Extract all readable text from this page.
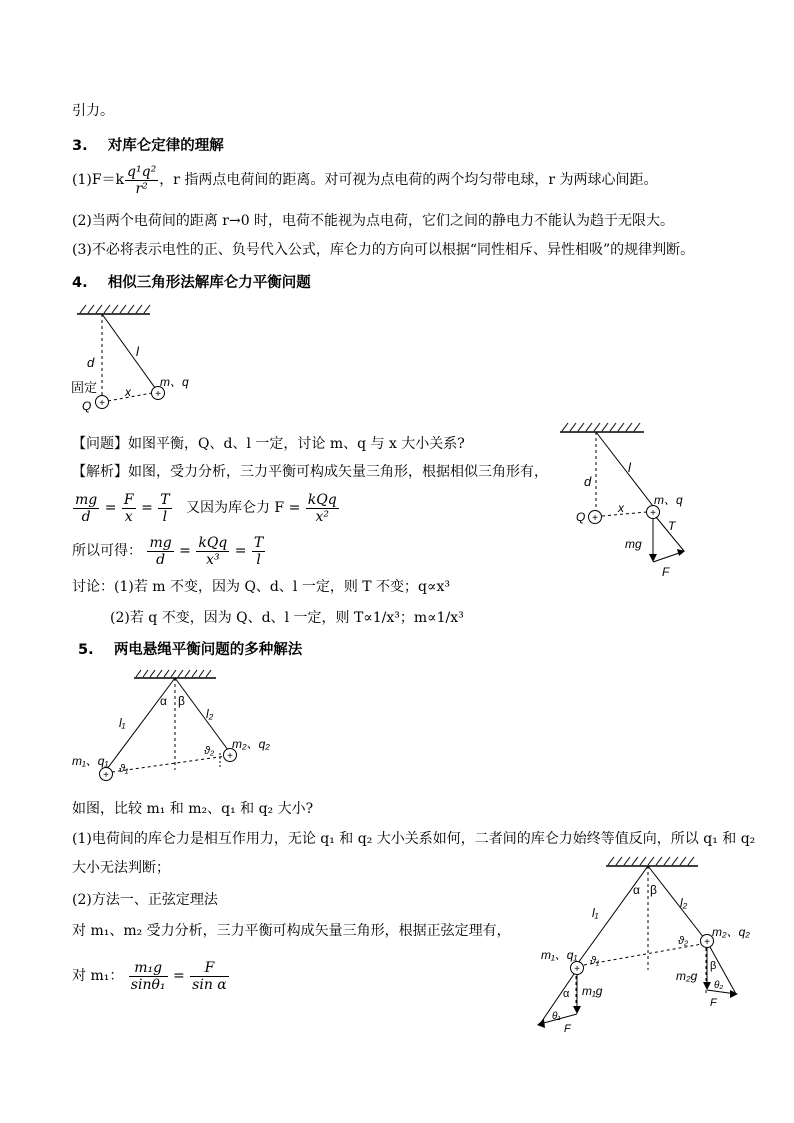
引力。
3. 对库仑定律的理解
$(1)F=k \frac{\text{q¹q²}}{\text{r²}}$ ，r 指两点电荷间的距离。对可视为点电荷的两个均匀带电球，r 为两球心间距。
(2)当两个电荷间的距离 r→0 时，电荷不能视为点电荷，它们之间的静电力不能认为趋于无限大。
(3)不必将表示电性的正、负号代入公式，库仑力的方向可以根据“同性相斥、异性相吸”的规律判断。
4. 相似三角形法解库仑力平衡问题
+
+
d
l
固定
Q
x
m、q
【问题】如图平衡，Q、d、l 一定，讨论 m、q 与 x 大小关系?
【解析】如图，受力分析，三力平衡可构成矢量三角形，根据相似三角形有，
$\frac{mg}{d} = \frac{F}{x} = \frac{T}{l}$ 又因为库仑力 $F = \frac{\text{kQq}}{\text{x²}}$
所以可得： $\frac{mg}{d} = \frac{\text{kQq}}{\text{x³}} = \frac{T}{l}$
讨论：(1)若 m 不变，因为 Q、d、l 一定，则 T 不变；q∝x³
(2)若 q 不变，因为 Q、d、l 一定，则 T∝1/x³；m∝1/x³
+	+
d
l
Q
x
m、q
T
mg
F
5. 两电悬绳平衡问题的多种解法
+
+
α β
l₁
l₂
m₁、q₁
m₂、q₂
ϑ₁
ϑ₂
如图，比较 m₁ 和 m₂、q₁ 和 q₂ 大小?
(1)电荷间的库仑力是相互作用力，无论 q₁ 和 q₂ 大小关系如何，二者间的库仑力始终等值反向，所以 q₁ 和 q₂
大小无法判断；
(2)方法一、正弦定理法
对 m₁、m₂ 受力分析，三力平衡可构成矢量三角形，根据正弦定理有，
对 m₁： $\frac{\text{m₁g}}{\text{sinθ₁}} = \frac{F}{\text{sin α}}$	+
+
α β
l₁
l₂
m₁、q₁
m₂、q₂
ϑ₁
ϑ₂
m₁g
m₂g
α
β
θ₁
θ₂
F
F
